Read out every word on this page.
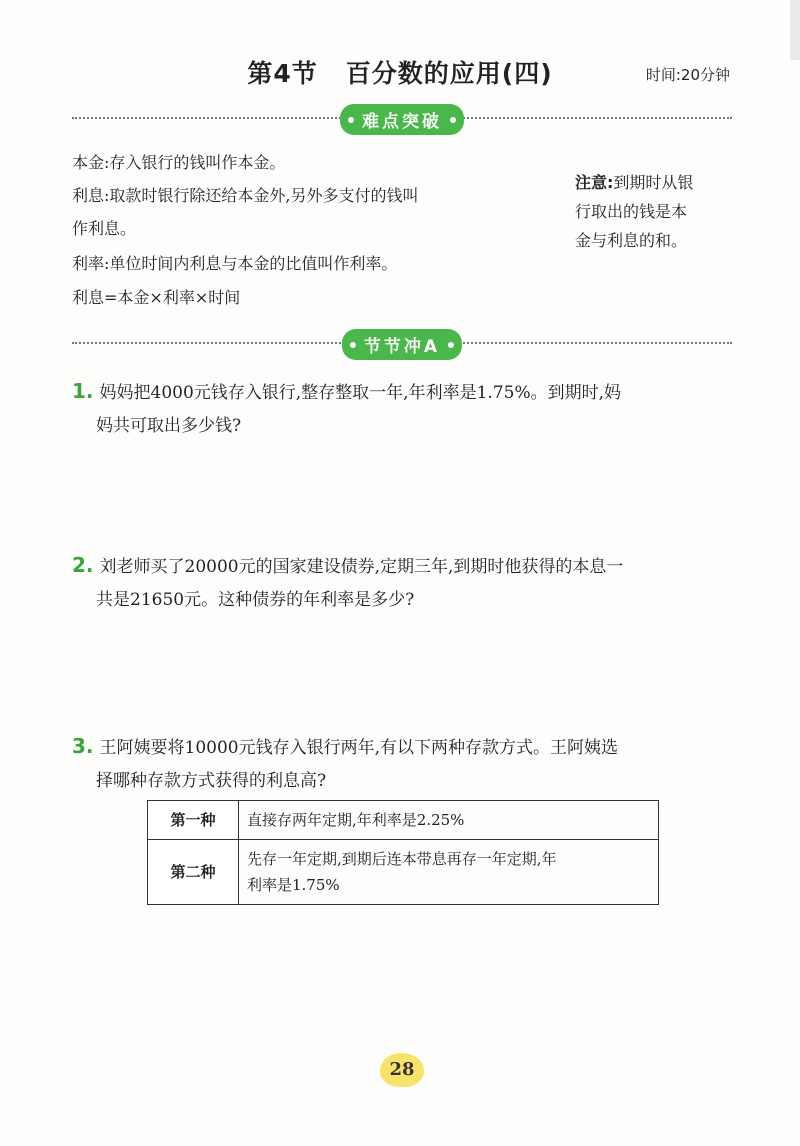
第4节 百分数的应用(四)	时间:20分钟
难点突破
本金:存入银行的钱叫作本金。
利息:取款时银行除还给本金外,另外多支付的钱叫
作利息。
利率:单位时间内利息与本金的比值叫作利率。
利息=本金×利率×时间
注意:到期时从银
行取出的钱是本
金与利息的和。
节节冲A
1. 妈妈把4000元钱存入银行,整存整取一年,年利率是1.75%。到期时,妈
妈共可取出多少钱?
2. 刘老师买了20000元的国家建设债券,定期三年,到期时他获得的本息一
共是21650元。这种债券的年利率是多少?
3. 王阿姨要将10000元钱存入银行两年,有以下两种存款方式。王阿姨选
择哪种存款方式获得的利息高?
第一种	直接存两年定期,年利率是2.25%
第二种	先存一年定期,到期后连本带息再存一年定期,年
利率是1.75%
28
